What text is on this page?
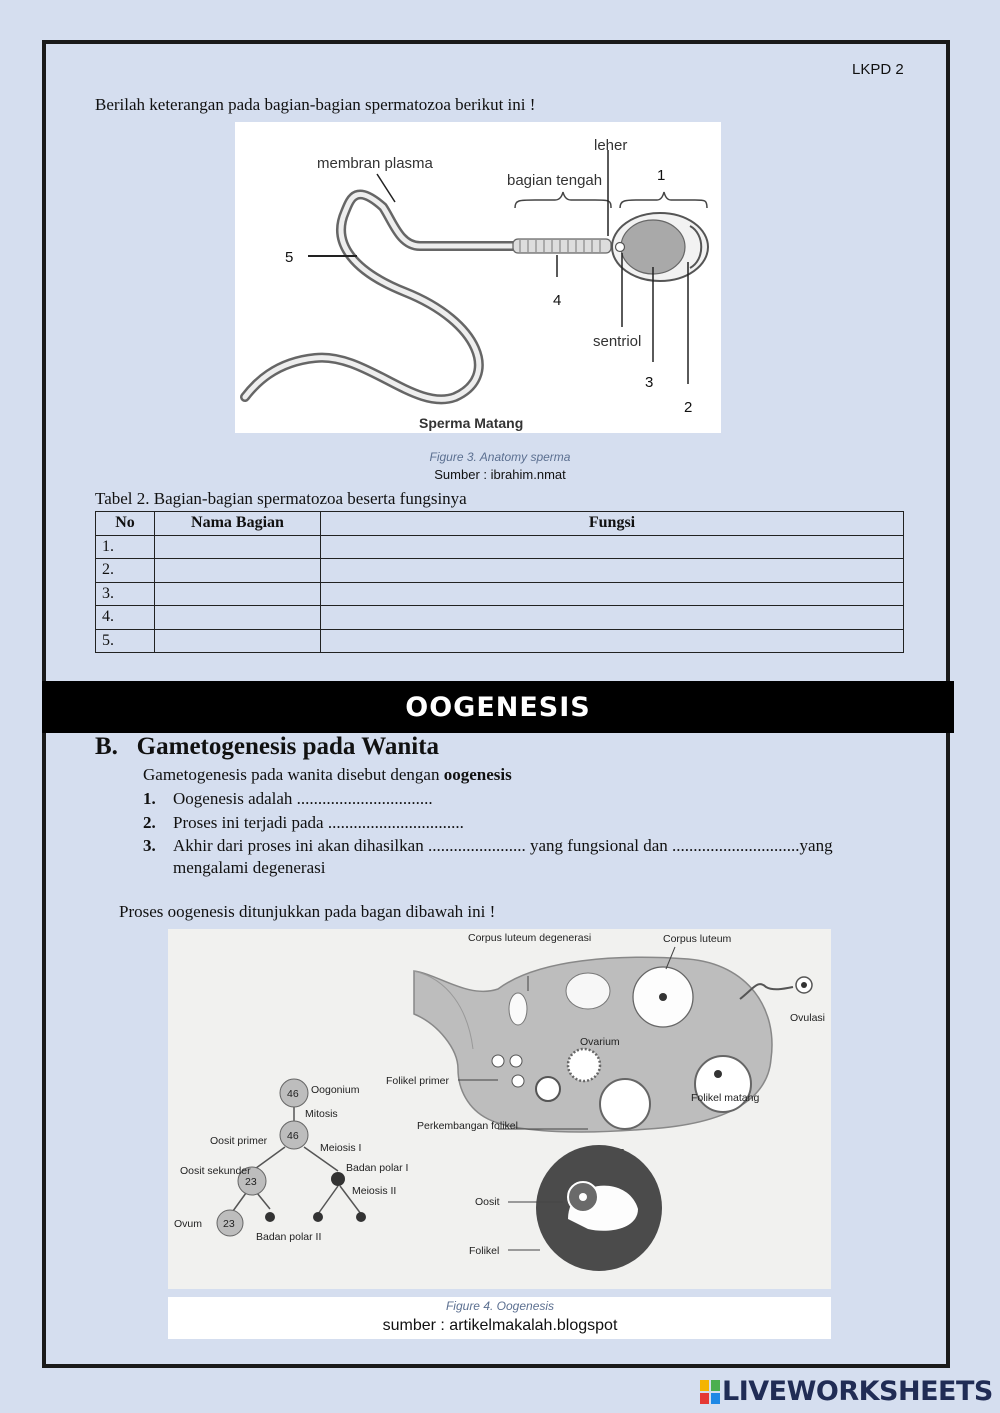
LKPD 2
Berilah keterangan pada bagian-bagian spermatozoa berikut ini !
membran plasma
leher
bagian tengah
sentriol
Sperma Matang
1
2
3
4
5
Figure 3. Anatomy sperma
Sumber : ibrahim.nmat
Tabel 2. Bagian-bagian spermatozoa beserta fungsinya
No	Nama Bagian	Fungsi
1.		
2.		
3.		
4.		
5.		
OOGENESIS
B.   Gametogenesis pada Wanita
Gametogenesis pada wanita disebut dengan oogenesis
1. Oogenesis adalah ................................
2. Proses ini terjadi pada ................................
3. Akhir dari proses ini akan dihasilkan ....................... yang fungsional dan ..............................yang mengalami degenerasi
Proses oogenesis ditunjukkan pada bagan dibawah ini !
Corpus luteum degenerasi	Corpus luteum
Ovulasi
Ovarium
Folikel primer
Folikel matang
Perkembangan folikel
Oogonium
Mitosis
Oosit primer
Meiosis I
Badan polar I
Meiosis II
Oosit sekunder
Ovum
Badan polar II
Oosit
Folikel
46
46
23
23
Figure 4. Oogenesis
sumber : artikelmakalah.blogspot
LIVEWORKSHEETS
